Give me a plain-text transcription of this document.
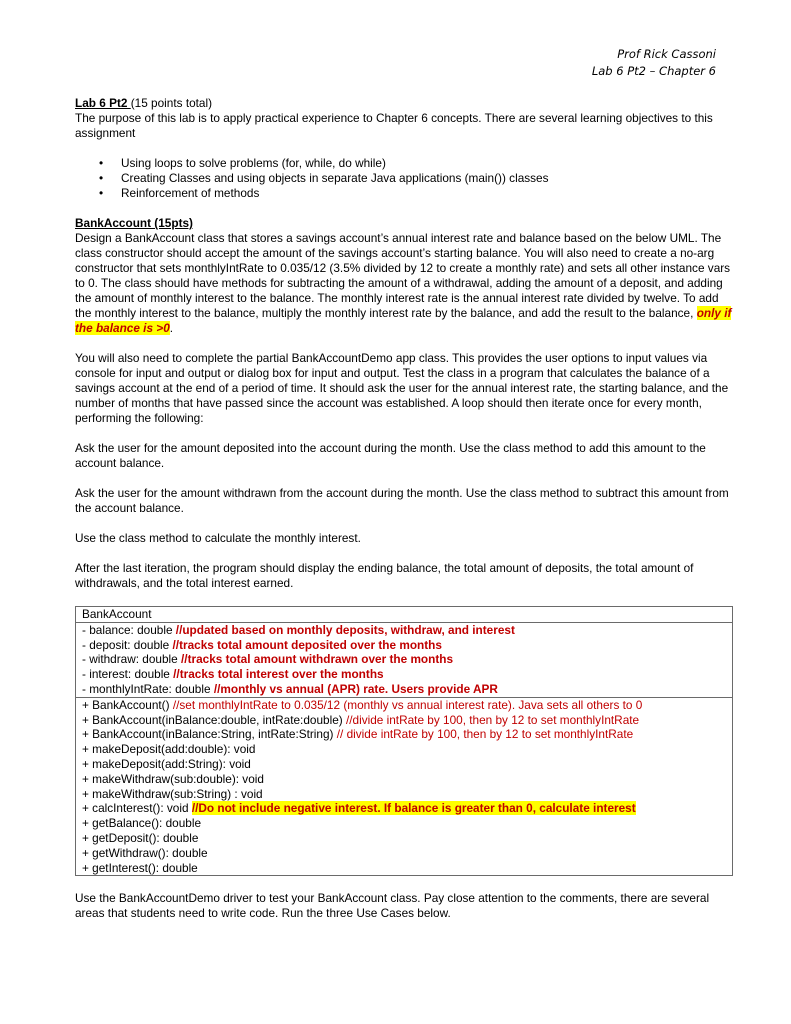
Prof Rick Cassoni
Lab 6 Pt2 – Chapter 6

Lab 6 Pt2 (15 points total)

The purpose of this lab is to apply practical experience to Chapter 6 concepts. There are several learning objectives to this assignment

• Using loops to solve problems (for, while, do while)
• Creating Classes and using objects in separate Java applications (main()) classes
• Reinforcement of methods
BankAccount (15pts)

Design a BankAccount class that stores a savings account’s annual interest rate and balance based on the below UML. The class constructor should accept the amount of the savings account’s starting balance. You will also need to create a no-arg constructor that sets monthlyIntRate to 0.035/12 (3.5% divided by 12 to create a monthly rate) and sets all other instance vars to 0. The class should have methods for subtracting the amount of a withdrawal, adding the amount of a deposit, and adding the amount of monthly interest to the balance. The monthly interest rate is the annual interest rate divided by twelve. To add the monthly interest to the balance, multiply the monthly interest rate by the balance, and add the result to the balance, only if the balance is >0.

You will also need to complete the partial BankAccountDemo app class. This provides the user options to input values via console for input and output or dialog box for input and output. Test the class in a program that calculates the balance of a savings account at the end of a period of time. It should ask the user for the annual interest rate, the starting balance, and the number of months that have passed since the account was established. A loop should then iterate once for every month, performing the following:

Ask the user for the amount deposited into the account during the month. Use the class method to add this amount to the account balance.

Ask the user for the amount withdrawn from the account during the month. Use the class method to subtract this amount from the account balance.

Use the class method to calculate the monthly interest.

After the last iteration, the program should display the ending balance, the total amount of deposits, the total amount of withdrawals, and the total interest earned.

BankAccount
- balance: double //updated based on monthly deposits, withdraw, and interest
- deposit: double //tracks total amount deposited over the months
- withdraw: double //tracks total amount withdrawn over the months
- interest: double //tracks total interest over the months
- monthlyIntRate: double //monthly vs annual (APR) rate. Users provide APR
+ BankAccount() //set monthlyIntRate to 0.035/12 (monthly vs annual interest rate). Java sets all others to 0
+ BankAccount(inBalance:double, intRate:double) //divide intRate by 100, then by 12 to set monthlyIntRate
+ BankAccount(inBalance:String, intRate:String) // divide intRate by 100, then by 12 to set monthlyIntRate
+ makeDeposit(add:double): void
+ makeDeposit(add:String): void
+ makeWithdraw(sub:double): void
+ makeWithdraw(sub:String) : void
+ calcInterest(): void //Do not include negative interest. If balance is greater than 0, calculate interest
+ getBalance(): double
+ getDeposit(): double
+ getWithdraw(): double
+ getInterest(): double

Use the BankAccountDemo driver to test your BankAccount class. Pay close attention to the comments, there are several areas that students need to write code. Run the three Use Cases below.
